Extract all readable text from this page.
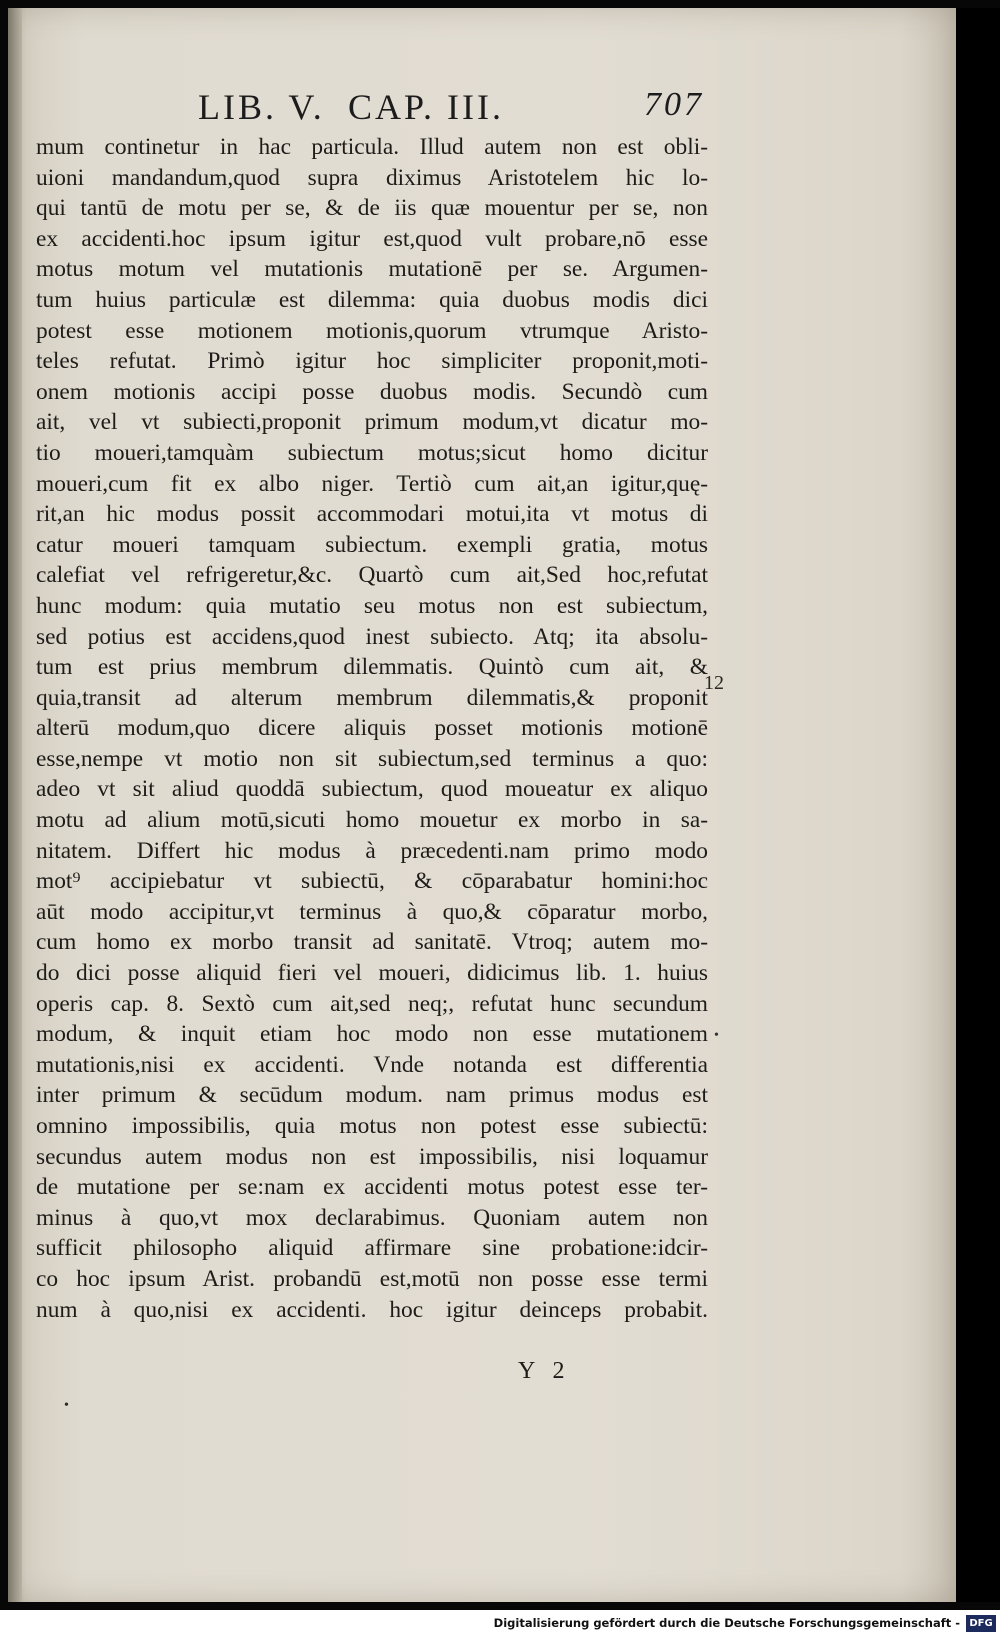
LIB. V. CAP. III.	707
mum continetur in hac particula. Illud autem non est obli-
uioni mandandum,quod supra diximus Aristotelem hic lo-
qui tantū de motu per se, & de iis quæ mouentur per se, non
ex accidenti.hoc ipsum igitur est,quod vult probare,nō esse
motus motum vel mutationis mutationē per se. Argumen-
tum huius particulæ est dilemma: quia duobus modis dici
potest esse motionem motionis,quorum vtrumque Aristo-
teles refutat. Primò igitur hoc simpliciter proponit,moti-
onem motionis accipi posse duobus modis. Secundò cum
ait, vel vt subiecti,proponit primum modum,vt dicatur mo-
tio moueri,tamquàm subiectum motus;sicut homo dicitur
moueri,cum fit ex albo niger. Tertiò cum ait,an igitur,quę-
rit,an hic modus possit accommodari motui,ita vt motus di
catur moueri tamquam subiectum. exempli gratia, motus
calefiat vel refrigeretur,&c. Quartò cum ait,Sed hoc,refutat
hunc modum: quia mutatio seu motus non est subiectum,
sed potius est accidens,quod inest subiecto. Atq; ita absolu-
tum est prius membrum dilemmatis. Quintò cum ait, &
quia,transit ad alterum membrum dilemmatis,& proponit
alterū modum,quo dicere aliquis posset motionis motionē
esse,nempe vt motio non sit subiectum,sed terminus a quo:
adeo vt sit aliud quoddā subiectum, quod moueatur ex aliquo
motu ad alium motū,sicuti homo mouetur ex morbo in sa-
nitatem. Differt hic modus à præcedenti.nam primo modo
mot⁹ accipiebatur vt subiectū, & cōparabatur homini:hoc
aūt modo accipitur,vt terminus à quo,& cōparatur morbo,
cum homo ex morbo transit ad sanitatē. Vtroq; autem mo-
do dici posse aliquid fieri vel moueri, didicimus lib. 1. huius
operis cap. 8. Sextò cum ait,sed neq;, refutat hunc secundum
modum, & inquit etiam hoc modo non esse mutationem
mutationis,nisi ex accidenti. Vnde notanda est differentia
inter primum & secūdum modum. nam primus modus est
omnino impossibilis, quia motus non potest esse subiectū:
secundus autem modus non est impossibilis, nisi loquamur
de mutatione per se:nam ex accidenti motus potest esse ter-
minus à quo,vt mox declarabimus. Quoniam autem non
sufficit philosopho aliquid affirmare sine probatione:idcir-
co hoc ipsum Arist. probandū est,motū non posse esse termi
num à quo,nisi ex accidenti. hoc igitur deinceps probabit.
12
•
Y 2
•
Digitalisierung gefördert durch die Deutsche Forschungsgemeinschaft - DFG
